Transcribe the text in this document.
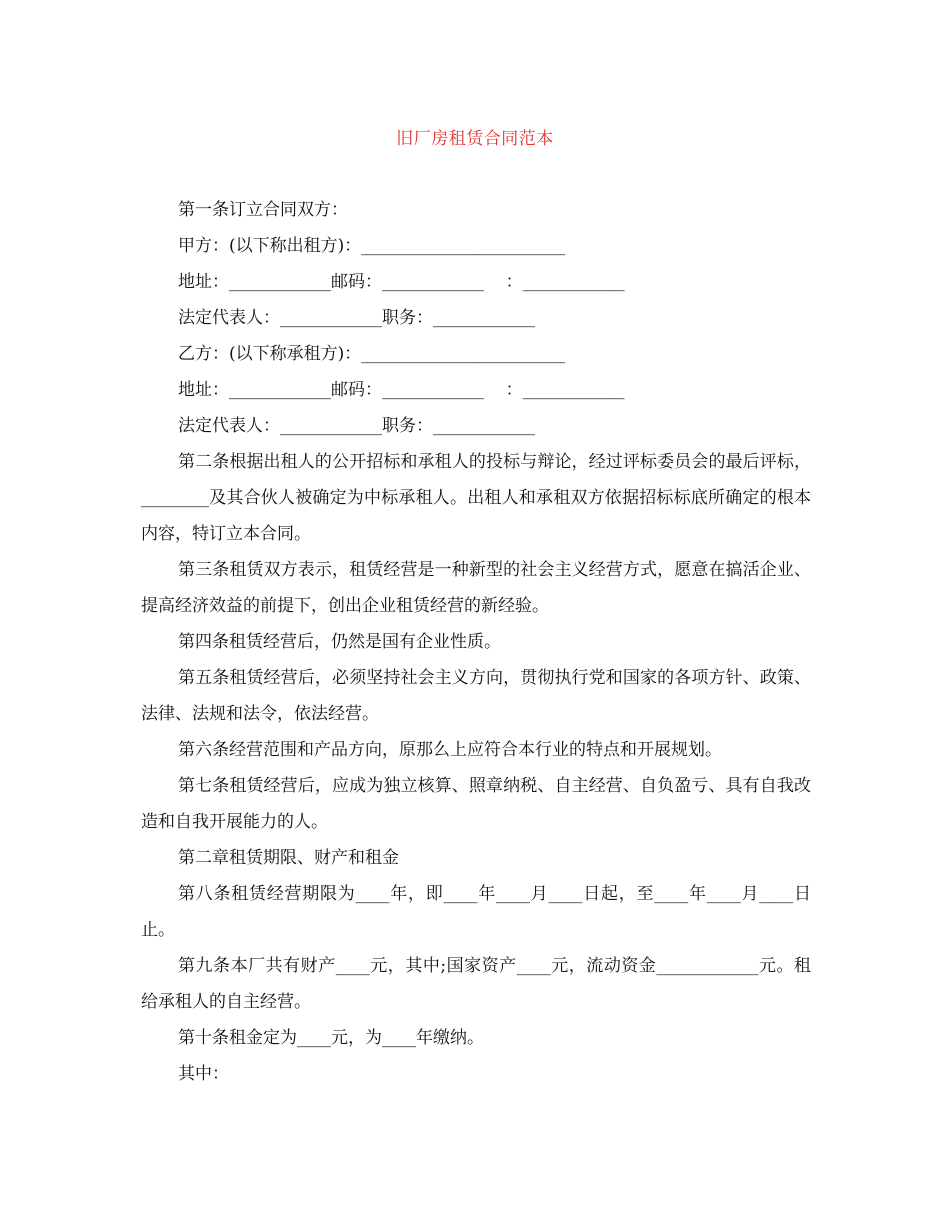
旧厂房租赁合同范本

第一条订立合同双方：

甲方：(以下称出租方)：________________________

地址：____________邮码：____________    ：____________

法定代表人：____________职务：____________

乙方：(以下称承租方)：________________________

地址：____________邮码：____________    ：____________

法定代表人：____________职务：____________

第二条根据出租人的公开招标和承租人的投标与辩论，经过评标委员会的最后评标，________及其合伙人被确定为中标承租人。出租人和承租双方依据招标标底所确定的根本内容，特订立本合同。

第三条租赁双方表示，租赁经营是一种新型的社会主义经营方式，愿意在搞活企业、提高经济效益的前提下，创出企业租赁经营的新经验。

第四条租赁经营后，仍然是国有企业性质。

第五条租赁经营后，必须坚持社会主义方向，贯彻执行党和国家的各项方针、政策、法律、法规和法令，依法经营。

第六条经营范围和产品方向，原那么上应符合本行业的特点和开展规划。

第七条租赁经营后，应成为独立核算、照章纳税、自主经营、自负盈亏、具有自我改造和自我开展能力的人。

第二章租赁期限、财产和租金

第八条租赁经营期限为____年，即____年____月____日起，至____年____月____日止。

第九条本厂共有财产____元，其中;国家资产____元，流动资金____________元。租给承租人的自主经营。

第十条租金定为____元，为____年缴纳。

其中：
